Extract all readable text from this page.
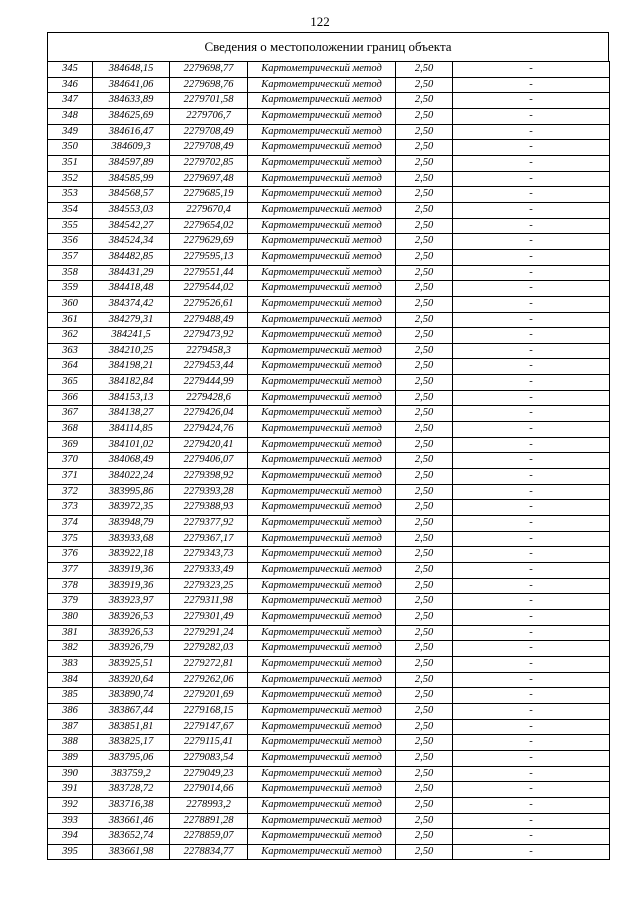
122
Сведения о местоположении границ объекта
345	384648,15	2279698,77	Картометрический метод	2,50	-
346	384641,06	2279698,76	Картометрический метод	2,50	-
347	384633,89	2279701,58	Картометрический метод	2,50	-
348	384625,69	2279706,7	Картометрический метод	2,50	-
349	384616,47	2279708,49	Картометрический метод	2,50	-
350	384609,3	2279708,49	Картометрический метод	2,50	-
351	384597,89	2279702,85	Картометрический метод	2,50	-
352	384585,99	2279697,48	Картометрический метод	2,50	-
353	384568,57	2279685,19	Картометрический метод	2,50	-
354	384553,03	2279670,4	Картометрический метод	2,50	-
355	384542,27	2279654,02	Картометрический метод	2,50	-
356	384524,34	2279629,69	Картометрический метод	2,50	-
357	384482,85	2279595,13	Картометрический метод	2,50	-
358	384431,29	2279551,44	Картометрический метод	2,50	-
359	384418,48	2279544,02	Картометрический метод	2,50	-
360	384374,42	2279526,61	Картометрический метод	2,50	-
361	384279,31	2279488,49	Картометрический метод	2,50	-
362	384241,5	2279473,92	Картометрический метод	2,50	-
363	384210,25	2279458,3	Картометрический метод	2,50	-
364	384198,21	2279453,44	Картометрический метод	2,50	-
365	384182,84	2279444,99	Картометрический метод	2,50	-
366	384153,13	2279428,6	Картометрический метод	2,50	-
367	384138,27	2279426,04	Картометрический метод	2,50	-
368	384114,85	2279424,76	Картометрический метод	2,50	-
369	384101,02	2279420,41	Картометрический метод	2,50	-
370	384068,49	2279406,07	Картометрический метод	2,50	-
371	384022,24	2279398,92	Картометрический метод	2,50	-
372	383995,86	2279393,28	Картометрический метод	2,50	-
373	383972,35	2279388,93	Картометрический метод	2,50	-
374	383948,79	2279377,92	Картометрический метод	2,50	-
375	383933,68	2279367,17	Картометрический метод	2,50	-
376	383922,18	2279343,73	Картометрический метод	2,50	-
377	383919,36	2279333,49	Картометрический метод	2,50	-
378	383919,36	2279323,25	Картометрический метод	2,50	-
379	383923,97	2279311,98	Картометрический метод	2,50	-
380	383926,53	2279301,49	Картометрический метод	2,50	-
381	383926,53	2279291,24	Картометрический метод	2,50	-
382	383926,79	2279282,03	Картометрический метод	2,50	-
383	383925,51	2279272,81	Картометрический метод	2,50	-
384	383920,64	2279262,06	Картометрический метод	2,50	-
385	383890,74	2279201,69	Картометрический метод	2,50	-
386	383867,44	2279168,15	Картометрический метод	2,50	-
387	383851,81	2279147,67	Картометрический метод	2,50	-
388	383825,17	2279115,41	Картометрический метод	2,50	-
389	383795,06	2279083,54	Картометрический метод	2,50	-
390	383759,2	2279049,23	Картометрический метод	2,50	-
391	383728,72	2279014,66	Картометрический метод	2,50	-
392	383716,38	2278993,2	Картометрический метод	2,50	-
393	383661,46	2278891,28	Картометрический метод	2,50	-
394	383652,74	2278859,07	Картометрический метод	2,50	-
395	383661,98	2278834,77	Картометрический метод	2,50	-
